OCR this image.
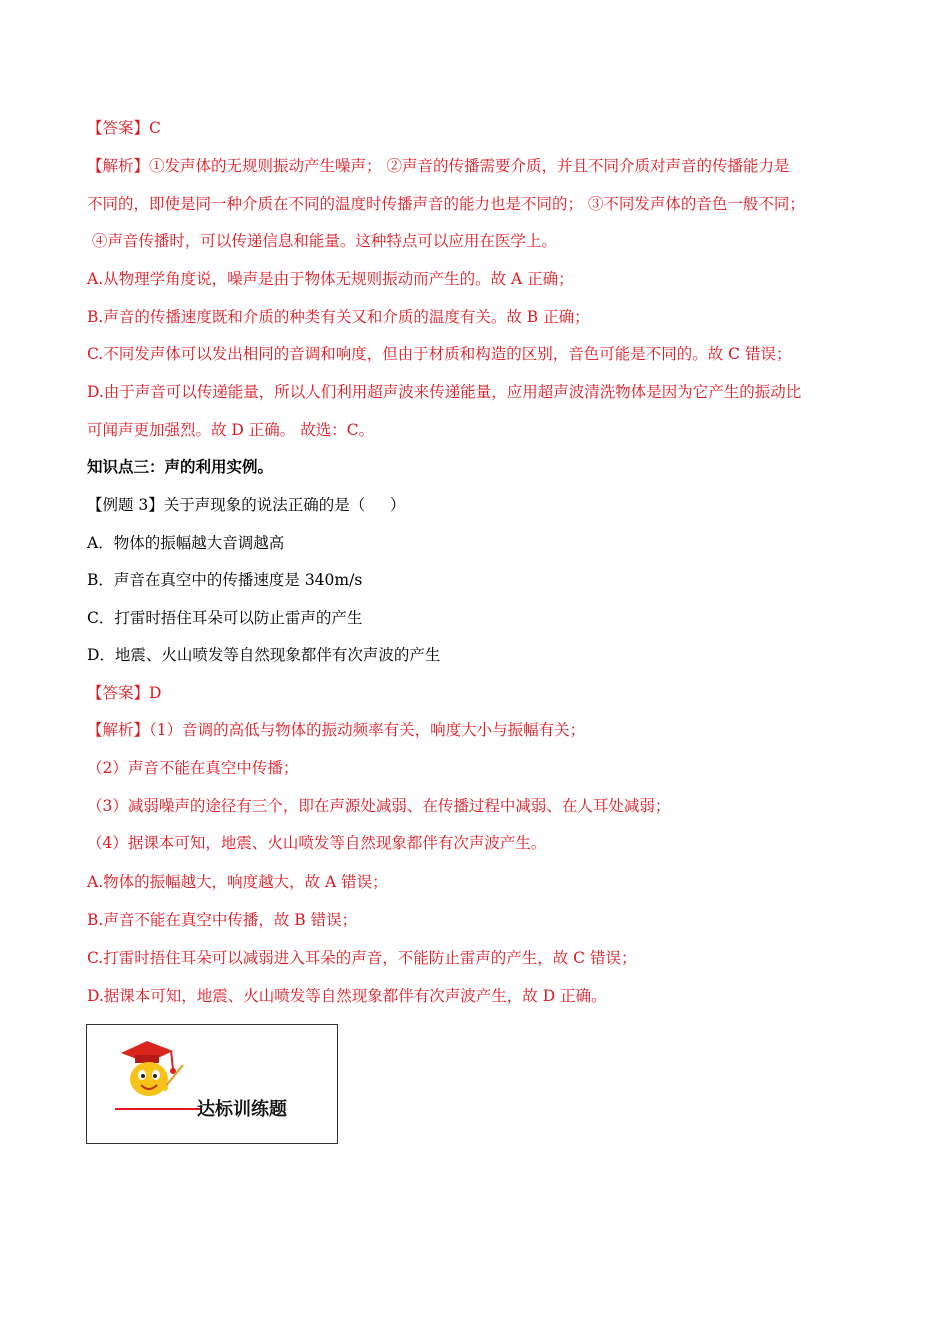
【答案】C
【解析】①发声体的无规则振动产生噪声； ②声音的传播需要介质，并且不同介质对声音的传播能力是
不同的，即使是同一种介质在不同的温度时传播声音的能力也是不同的； ③不同发声体的音色一般不同；
④声音传播时，可以传递信息和能量。这种特点可以应用在医学上。
A.从物理学角度说，噪声是由于物体无规则振动而产生的。故 A 正确；
B.声音的传播速度既和介质的种类有关又和介质的温度有关。故 B 正确；
C.不同发声体可以发出相同的音调和响度，但由于材质和构造的区别，音色可能是不同的。故 C 错误；
D.由于声音可以传递能量，所以人们利用超声波来传递能量，应用超声波清洗物体是因为它产生的振动比
可闻声更加强烈。故 D 正确。 故选：C。
知识点三：声的利用实例。
【例题 3】关于声现象的说法正确的是（     ）
A．物体的振幅越大音调越高
B．声音在真空中的传播速度是 340m/s
C．打雷时捂住耳朵可以防止雷声的产生
D．地震、火山喷发等自然现象都伴有次声波的产生
【答案】D
【解析】（1）音调的高低与物体的振动频率有关，响度大小与振幅有关；
（2）声音不能在真空中传播；
（3）减弱噪声的途径有三个，即在声源处减弱、在传播过程中减弱、在人耳处减弱；
（4）据课本可知，地震、火山喷发等自然现象都伴有次声波产生。
A.物体的振幅越大，响度越大，故 A 错误；
B.声音不能在真空中传播，故 B 错误；
C.打雷时捂住耳朵可以减弱进入耳朵的声音，不能防止雷声的产生，故 C 错误；
D.据课本可知，地震、火山喷发等自然现象都伴有次声波产生，故 D 正确。
达标训练题
